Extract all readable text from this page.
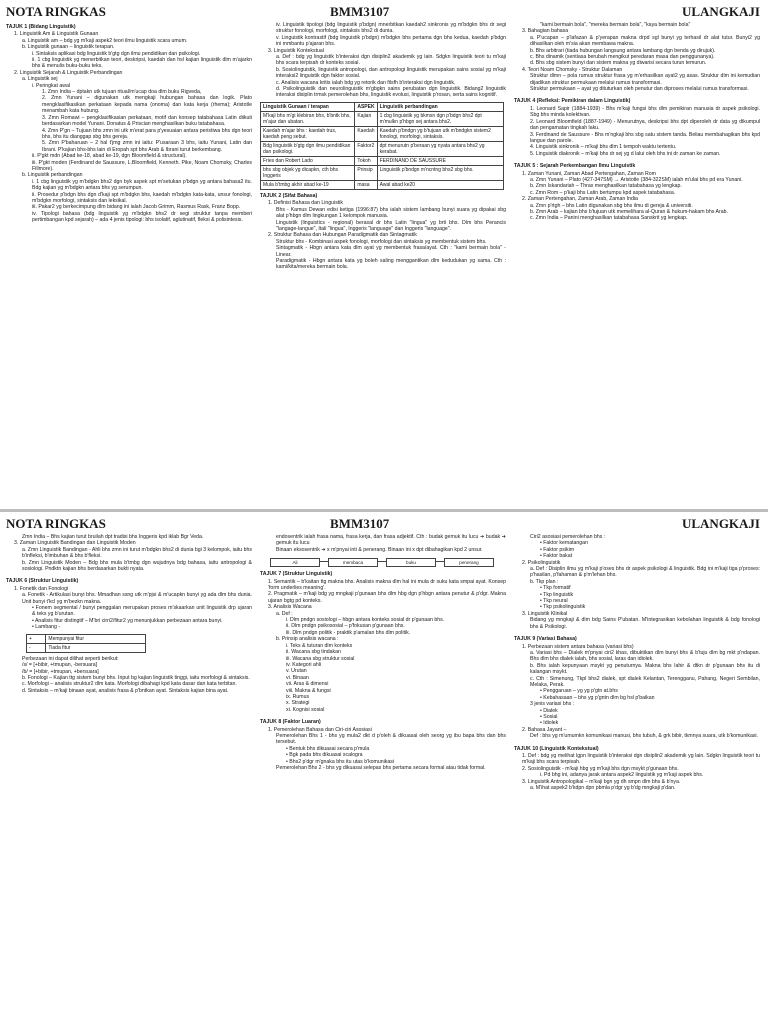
NOTA RINGKAS	BMM3107	ULANGKAJI

TAJUK 1 (Bidang Linguistik)

1. Linguistik Am & Linguistik Gunaan

a. Linguistik am – bdg yg m'kaji aspek2 teori ilmu linguistik scara umum.

b. Linguistik gunaan – linguistik terapan.

i. Sintaksis aplikasi bdg linguistik b'gtg dgn ilmu pendidikan dan psikologi.

ii. 1 cbg linguistik yg menerbitkan teori, deskripsi, kaedah dan hsl kajian linguistik dlm m'ajarkn bhs & menulis buku-buku teks.

2. Linguistik Sejarah & Linguistik Perbandingan

a. Linguistik sej

i. Peringkat awal

1. Zmn India – dptakn utk tujuan ritual/m'ucap doa dlm buku Rigveda,

2. Zmn Yunani – digunakan utk mengkaji hubungan bahasa dan logik. Plato mengklasifikasikan perkataan kepada nama (onoma) dan kata kerja (rhema); Aristotle menambah kata hubung.

3. Zmn Romawi – pengklasifikasian perkataan, motif dan konsep tatabahasa Latin diikuti berdasarkan model Yunani. Donatus & Priscian menghasilkan buku tatabahasa.

4. Zmn P'gn – Tujuan bhs zmn ini utk m'erat para p'yesuaian antara peristiwa bhs dgn teori bhs, bhs itu dianggap sbg bhs gereja.

5. Zmn P'baharuan – 2 hal t'jmg zmn ini iaitu: P'usaraan 3 bhs, iaitu Yunani, Latin dan Ibrani. P'kajian bhs-bhs lain di Eropah spt bhs Arab & Ibrani turut berkembang.

ii. P'gkt mdn (Abad ke-18, abad ke-19, dgn Bloomfield & structural).

iii. P'gkt moden (Ferdinand de Saussure, L.Bloomfield, Kenneth. Pike, Noam Chomsky, Charles Fillmore).

b. Linguistik perbandingan

i. 1 cbg linguistik yg m'bdgkn bhs2 dgn byk aspek spt m'setukan p'bdgn yg antara bahasa2 itu. Bdg kajian yg m'bdgkn antara bhs yg serumpun.

ii. Prosedur p'bdgn bhs dgn d'kaji spt m'bdgkn bhs, kaedah m'bdgkn kata-kata, unsur fonologi, m'bdgkn morfologi, sintaksis dan leksikal.

iii. Pakar2 yg berkecimpung dlm bidang ini ialah Jacob Grimm, Rasmus Rask, Franz Bopp.

iv. Tipologi bahasa (bdg linguistik yg m'bdgkn bhs2 dr segi struktur tanpa memberi pertimbangan kpd sejarah) – ada 4 jenis tipologi: bhs isolatif, aglutinatif, fleksi & polisintesis.

iv. Linguistik tipologi (bdg linguistik p'bdgn) mnerbitkan kaedah2 sinkronis yg m'bdgkn bhs dr segi struktur fonologi, morfologi, sintaksis bhs2 di dunia.

v. Linguistik kontrastif (bdg linguistik p'bdgn) m'bdgkn bhs pertama dgn bhs kedua, kaedah p'bdgn ini mmbantu p'ajaran bhs.

3. Linguistik Kontekstual

a. Def : bdg yg linguistik b'interaksi dgn disiplin2 akademik yg lain. Sdgkn linguistik teori tu m'kaji bhs scara terpisah dr konteks sosial.

b. Sosiolinguistik, linguistik antropologi, dan antropologi linguistik merupakan sains sosial yg m'kaji interaksi2 linguistik dgn faktor sosial.

c. Analisis wacana kritis ialah bdg yg retorik dan filsfh b'interaksi dgn linguistik.

d. Psikolinguistik dan neurolinguistik m'gbgkn sains perubatan dgn linguistik. Bidang2 linguistik interaksi disiplin trmsk pemerolehan bhs, linguistik evolusi, linguistik p'rosan, serta sains kognitif.

Linguistik Gunaan / terapan	ASPEK	Linguistik perbandingan
M'kaji bhs m'gi klebiran bhs, b'bntk bhs, m'ajar dan ubatan.	Kajian	1 cbg linguistik yg bkmsn dgn p'bdgn bhs2 dpt m'mulkn p'hbgn sej antara bhs2.
Kaedah m'ajar bhs : kaedah trus, kaedah peng sebut.	Kaedah	Kaedah p'bndgn yg b'tujuan utk m'bndgkn sistem2 fonologi, morfologi, sintaksis.
Bdg linguistik b'gtg dgn ilmu pendidikan dan psikologi.	Faktor2	dpt menurutn p'beraan yg nyata antara bhs2 yg kerabat.
Fries dan Robert Lado	Tokoh	FERDINAND DE SAUSSURE
bhs sbg objek yg dicapkn, cth bhs Inggeris	Prinsip	Linguistik p'bndgn m'ncntng bhs2 sbg bhs.
Mula b'tmbg akhir abad ke-19	masa	Awal abad ke20

TAJUK 2 (Sifat Bahasa)

1. Definisi Bahasa dan Linguistik

Bhs - Kamus Dewan edisi ketiga (1996:87) bhs ialah sistem lambang bunyi suara yg dipakai sbg alat p'hbgn dlm lingkungan 1 kelompok manusia.

Linguistik (linguistics - regional) berasal dr bhs Latin "lingua" yg brti bhs. Dlm bhs Perancis "langage-langue", Itali "lingua", Inggeris "language" dan Inggeris "language".

2. Struktur Bahasa dan Hubungan Paradigmatik dan Sintagmatik

Struktur bhs - Kombinasi aspek fonologi, morfologi dan sintaksis yg membentuk sistem bhs.

Sintagmatik - Hbgn antara kata dlm ayat yg membentuk frasa/ayat. Cth : "kami bermain bola" - Linear.

Paradigmatik - Hbgn antara kata yg boleh saling menggantikan dlm kedudukan yg sama. Cth : kami/kita/mereka bermain bola.

"kami bermain bola", "mereka bermain bola", "kaya bermain bola"

3. Bahagian bahasa

a. P'ucapan – p'lafazan & p'yerapan makna drpd sgl bunyi yg terhasil dr alat tutur. Bunyi2 yg dihasilkan oleh m'sia akan membawa makna.

b. Bhs arbitrari (tiada hubungan langsung antara lambang dgn benda yg dirujuk).

c. Bhs dinamik (sentiasa berubah mengikut peredaran masa dan penggunanya).

d. Bhs sbg sistem bunyi dan sistem makna yg diwarisi secara turun temurun.

4. Teori Noam Chomsky - Struktur Dalaman

Struktur dlmn – pola rumus struktur frasa yg m'erhasilkan ayat2 yg asas. Struktur dlm ini kemudian dijadikan struktur permukaan melalui rumus transformasi.

Struktur permukaan – ayat yg dituturkan oleh penutur dan diproses melalui rumus transformasi.

TAJUK 4 (Refleksi: Pemikiran dalam Linguistik)

1. Leonard Sapir (1884-1939) - Bhs m'kaji fungsi bhs dlm pemikiran manusia dr aspek psikologi. Sbg bhs minda kolektivan.

2. Leonard Bloomfield (1887-1949) - Menurutnya, deskripsi bhs dpt diperoleh dr data yg dikumpul dan pengamatan tingkah laku.

3. Ferdinand de Saussure - Bhs m'ngkaji bhs sbg satu sistem tanda. Beliau membahagikan bhs kpd langue dan parole.

4. Linguistik sinkronik – m'kaji bhs dlm 1 tempoh waktu tertentu.

5. Linguistik diakronik – m'kaji bhs dr sej yg d lalui oleh bhs ini dr zaman ke zaman.

TAJUK 5 : Sejarah Perkembangan Ilmu Linguistik

1. Zaman Yunani, Zaman Abad Pertengahan, Zaman Rom

a. Zmn Yunani – Plato (427-347SM) → Aristotle (384-322SM) ialah m'ulai bhs pd era Yunani.

b. Zmn Iskandariah – Thrax menghasilkan tatabahasa yg lengkap.

c. Zmn Rom – p'kaji bhs Latin bertumpu kpd aspek tatabahasa.

2. Zaman Pertengahan, Zaman Arab, Zaman India

a. Zmn p'rtgh – bhs Latin digunakan sbg bhs ilmu di gereja & universiti.

b. Zmn Arab – kajian bhs b'tujuan utk memelihara al-Quran & hukum-hakam bhs Arab.

c. Zmn India – Panini menghasilkan tatabahasa Sanskrit yg lengkap.

NOTA RINGKAS	BMM3107	ULANGKAJI

Zmn India – Bhs kajian turut bruilah dpt tradisi bhs Inggeris kpd iklab Bgr Veda.

3. Zaman Linguistik Bandingan dan Linguistik Moden

a. Zmn Linguistik Bandingan - Ahli bhs zmn ini turut m'bdgkn bhs2 di dunia bgi 3 kelompok, iaitu bhs b'infleksi, b'imbuhan & bhs b'fleksi.

b. Zmn Linguistik Moden – Bdg bhs mula b'tmbg dgn wujudnya bdg bahasa, iaitu antropologi & sosiologi. Pndktn kajian bhs berdasarkan bukti nyata.

TAJUK 6 (Struktur Linguistik)

1. Fonetik dan Fonologi

a. Fonetik - Artikulasi bunyi bhs. Mmadhan ssng utk m'pjsi & m'ucapkn bunyi yg ada dlm bhs dunia. Unit bunyi t'kcl yg m'bezkn makna.

• Fonem segmental / bunyi penggalan merupakan proses m'skaarkan unit linguistik drp ujaran & teks yg b'urutan.

• Analisis fitur distingtif – M'bri cirri2/fitur2 yg menunjukkan perbezaan antara bunyi.

• Lambang -

+	Mempunyai fitur
-	Tiada fitur

Perbezaan ini dapat dilihat seperti berikut:

/s/ = [+bibir, +tmupan, -bersuara]

/b/ = [+bibir, +tmupan, +bersuara]

b. Fonologi – Kajian ttg sistem bunyi bhs. Input bg kajian linguistik tinggi, iaitu morfologi & sintaksis.

c. Morfologi – analisis struktur2 dlm kata. Morfologi dibahagi kpd kata dasar dan kata terbitan.

d. Sintaksis – m'kaji binaan ayat, analisis frasa & p'bntkan ayat. Sintaksis kajian bina ayat.

endosentrik ialah frasa nama, frasa kerja, dan frasa adjektif. Cth : budak gemuk itu lucu ➜ budak ➜ gemuk itu lucu

Binaan eksosentrik ➜ x m'pnyai inti & penerang. Binaan ini x dpt dibahagikan kpd 2 unsur.

Ali	membaca	buku	penerang

TAJUK 7 (Struktur Linguistik)

1. Semantik – b'kaitan ttg makna bhs. Analisis makna dlm hal ini mula dr suku kata smpai ayat. Konsep 'form underlies meaning'.

2. Pragmatik – m'kaji bdg yg mngkaji p'gunaan bhs dlm hbg dgn p'hbgn antara penutur & p'dgr. Makna ujaran bgtg pd konteks.

3. Analisis Wacana

a. Def :

i. Dlm pndgn sosiologi – hbgn antara konteks sosial dr p'gunaan bhs.

ii. Dlm pndgn psikososial – p'fokusan p'gunaan bhs.

iii. Dlm pndgn politik - praktik p'amalan bhs dlm politik.

b. Prinsip analisis wacana :

i. Teks & tuturan dlm konteks

ii. Wacana sbg tindakan

iii. Wacana sbg struktur sosial

iv. Kategori ahli

v. Urutan

vi. Binaan

vii. Aras & dimensi

viii. Makna & fungsi

ix. Rumus

x. Strategi

xi. Kognisi sosial

TAJUK 8 (Faktor Luaran)

1. Pemerolehan Bahasa dan Ciri-ciri Asosiasi

Pemerolehan Bhs 1 - bhs yg mula2 dkt d p'oleh & dikuasai oleh seorg yg ibu bapa bhs dan bhs tersebut.

• Bentuk bhs dikuasai secara p'mula

• Bgk pada bhs dikuasai scalogra

• Bhs2 p'dgr m'gnaka bhs itu utas b'komunikasi

Pemerolehan Bhs 2 - bhs yg dikuasai selepas bhs pertama secara formal atau tidak formal.

Ciri2 asosiasi pemerolehan bhs :

• Faktor kematangan

• Faktor psikim

• Faktor bakat

2. Psikolinguistik

a. Def : Disiplin ilmu yg m'kaji p'oses bhs dr aspek psikologi & linguistik. Bdg ini m'kaji tiga p'proses: p'hasilan, p'fahaman & p'm'lehan bhs.

b. Tkp plan :

• Tkp formatif

• Tkp linguistik

• Tkp neural

• Tkp psikolinguistik

3. Linguistik Klinikal

Bidang yg mngkaji & dlm bdg Sains P'ubatan. M'integrasikan kebolahan linguistik & bdg fonologi bhs & Psikologi.

TAJUK 9 (Variasi Bahasa)

1. Perbezaan sistem antara bahasa (variasi bhs)

a. Variasi bhs – Dialek m'pnyai ciri2 khas, dibuktikan dlm bunyi bhs & b'tuju dlm bg mkt p'ndapan. Bhs dlm bhs dialek ialah, bhs sosial, laras dan idiolek.

b. Bhs ialah kepunyaan msykt yg penuturnya. Makna bhs lahir & dtkn dr p'gunaan bhs itu di kalangan msykt.

c. Cth : Simenung, Tkpl bhs2 dialek, spt dialek Kelantan, Terengganu, Pahang, Negeri Sembilan, Melaka, Perak.

• Penggaruan – yg yg p'gtn at.bhs

• Kebahasaan – bhs yg p'gntn dlm bg hsl p'baikan

3 jenis variasi bhs :

• Dialek

• Sosial

• Idiolek

2. Bahasa Jayant –

Def : bhs yg m'umumkn komunikasi manusi, bhs tubuh, & grk bibir, tkmnya suara, utk b'komunikasi.

TAJUK 10 (Linguistik Kontekstual)

1. Def : bdg yg melihat lgpn linguistik b'interaksi dgn disiplin2 akademik yg lain. Sdgkn linguistik teori tu m'kaji bhs scara terpisah.

2. Sosiolinguistik - m'kaji hbg yg m'kaji bhs dgn msykt p'gunaan bhs.

i. Pd bhg ini, adanya jarak antara aspek2 linguistik yg m'kaji aspek bhs.

3. Linguistik Antropologikal – m'kaji bgn yg dh smpn dlm bhs & b'nya.

a. M'ihat aspek2 b'kdpn dpn pbmla p'dgr yg b'dg mngkaji p'dan.
